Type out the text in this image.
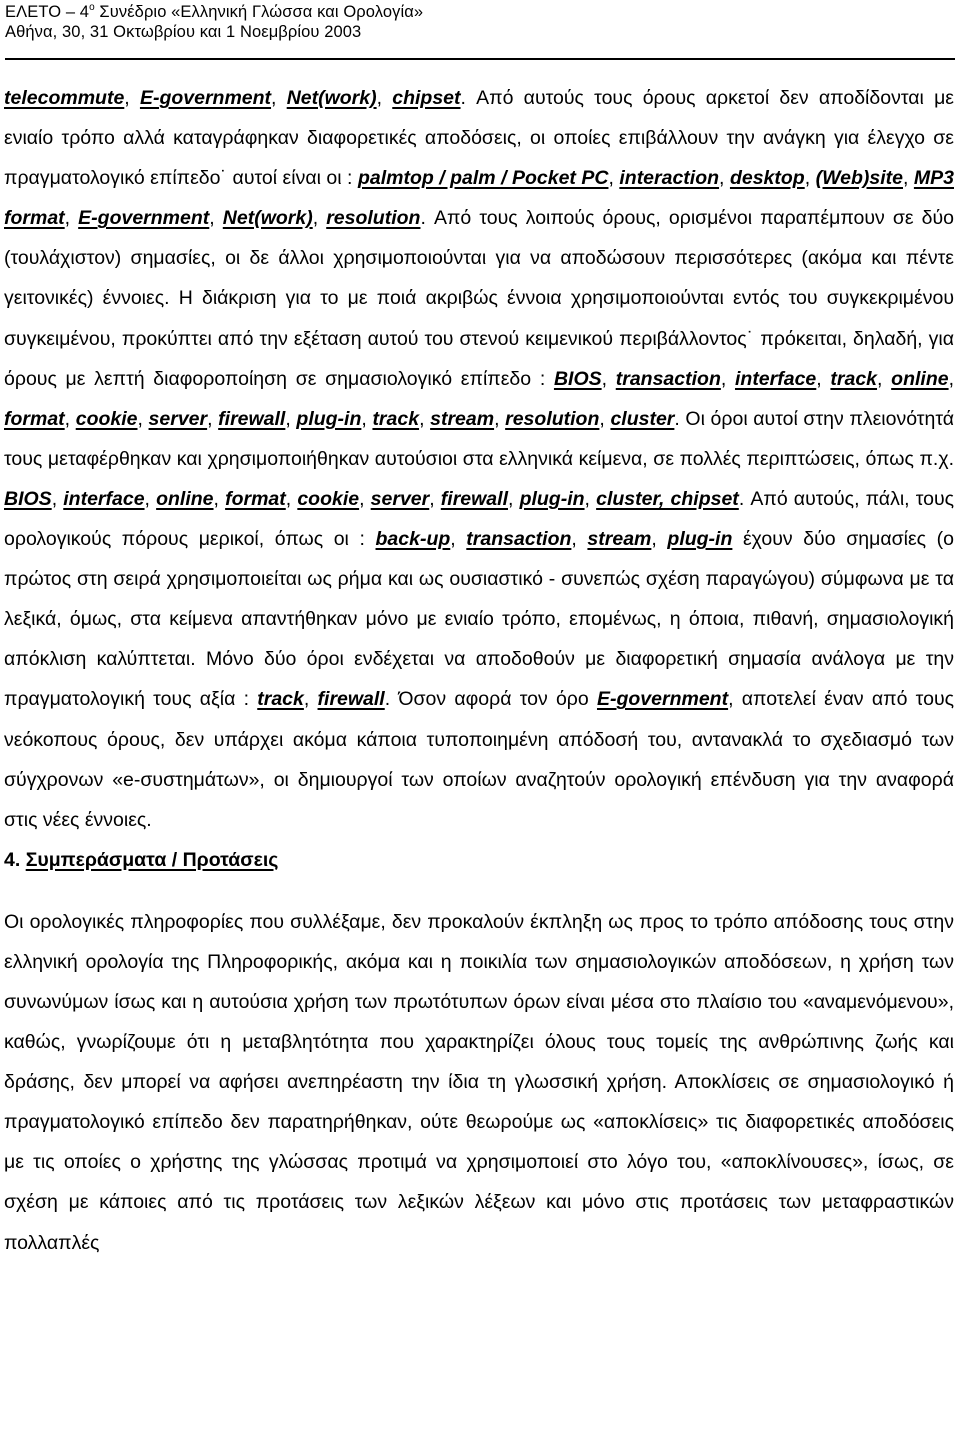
ΕΛΕΤΟ – $4^o$ Συνέδριο «Ελληνική Γλώσσα και Ορολογία»
Αθήνα, 30, 31 Οκτωβρίου και 1 Νοεμβρίου 2003

telecommute, E-government, Net(work), chipset. Από αυτούς τους όρους αρκετοί δεν αποδίδονται με ενιαίο τρόπο αλλά καταγράφηκαν διαφορετικές αποδόσεις, οι οποίες επιβάλλουν την ανάγκη για έλεγχο σε πραγματολογικό επίπεδο˙ αυτοί είναι οι : palmtop / palm / Pocket PC, interaction, desktop, (Web)site, MP3 format, E-government, Net(work), resolution. Από τους λοιπούς όρους, ορισμένοι παραπέμπουν σε δύο (τουλάχιστον) σημασίες, οι δε άλλοι χρησιμοποιούνται για να αποδώσουν περισσότερες (ακόμα και πέντε γειτονικές) έννοιες. Η διάκριση για το με ποιά ακριβώς έννοια χρησιμοποιούνται εντός του συγκεκριμένου συγκειμένου, προκύπτει από την εξέταση αυτού του στενού κειμενικού περιβάλλοντος˙ πρόκειται, δηλαδή, για όρους με λεπτή διαφοροποίηση σε σημασιολογικό επίπεδο : BIOS, transaction, interface, track, online, format, cookie, server, firewall, plug-in, track, stream, resolution, cluster. Οι όροι αυτοί στην πλειονότητά τους μεταφέρθηκαν και χρησιμοποιήθηκαν αυτούσιοι στα ελληνικά κείμενα, σε πολλές περιπτώσεις, όπως π.χ. BIOS, interface, online, format, cookie, server, firewall, plug-in, cluster, chipset. Από αυτούς, πάλι, τους ορολογικούς πόρους μερικοί, όπως οι : back-up, transaction, stream, plug-in έχουν δύο σημασίες (ο πρώτος στη σειρά χρησιμοποιείται ως ρήμα και ως ουσιαστικό - συνεπώς σχέση παραγώγου) σύμφωνα με τα λεξικά, όμως, στα κείμενα απαντήθηκαν μόνο με ενιαίο τρόπο, επομένως, η όποια, πιθανή, σημασιολογική απόκλιση καλύπτεται. Μόνο δύο όροι ενδέχεται να αποδοθούν με διαφορετική σημασία ανάλογα με την πραγματολογική τους αξία : track, firewall. Όσον αφορά τον όρο E-government, αποτελεί έναν από τους νεόκοπους όρους, δεν υπάρχει ακόμα κάποια τυποποιημένη απόδοσή του, αντανακλά το σχεδιασμό των σύγχρονων «e-συστημάτων», οι δημιουργοί των οποίων αναζητούν ορολογική επένδυση για την αναφορά στις νέες έννοιες.

4. Συμπεράσματα / Προτάσεις

Οι ορολογικές πληροφορίες που συλλέξαμε, δεν προκαλούν έκπληξη ως προς το τρόπο απόδοσης τους στην ελληνική ορολογία της Πληροφορικής, ακόμα και η ποικιλία των σημασιολογικών αποδόσεων, η χρήση των συνωνύμων ίσως και η αυτούσια χρήση των πρωτότυπων όρων είναι μέσα στο πλαίσιο του «αναμενόμενου», καθώς, γνωρίζουμε ότι η μεταβλητότητα που χαρακτηρίζει όλους τους τομείς της ανθρώπινης ζωής και δράσης, δεν μπορεί να αφήσει ανεπηρέαστη την ίδια τη γλωσσική χρήση. Αποκλίσεις σε σημασιολογικό ή πραγματολογικό επίπεδο δεν παρατηρήθηκαν, ούτε θεωρούμε ως «αποκλίσεις» τις διαφορετικές αποδόσεις με τις οποίες ο χρήστης της γλώσσας προτιμά να χρησιμοποιεί στο λόγο του, «αποκλίνουσες», ίσως, σε σχέση με κάποιες από τις προτάσεις των λεξικών λέξεων και μόνο στις προτάσεις των μεταφραστικών πολλαπλές
